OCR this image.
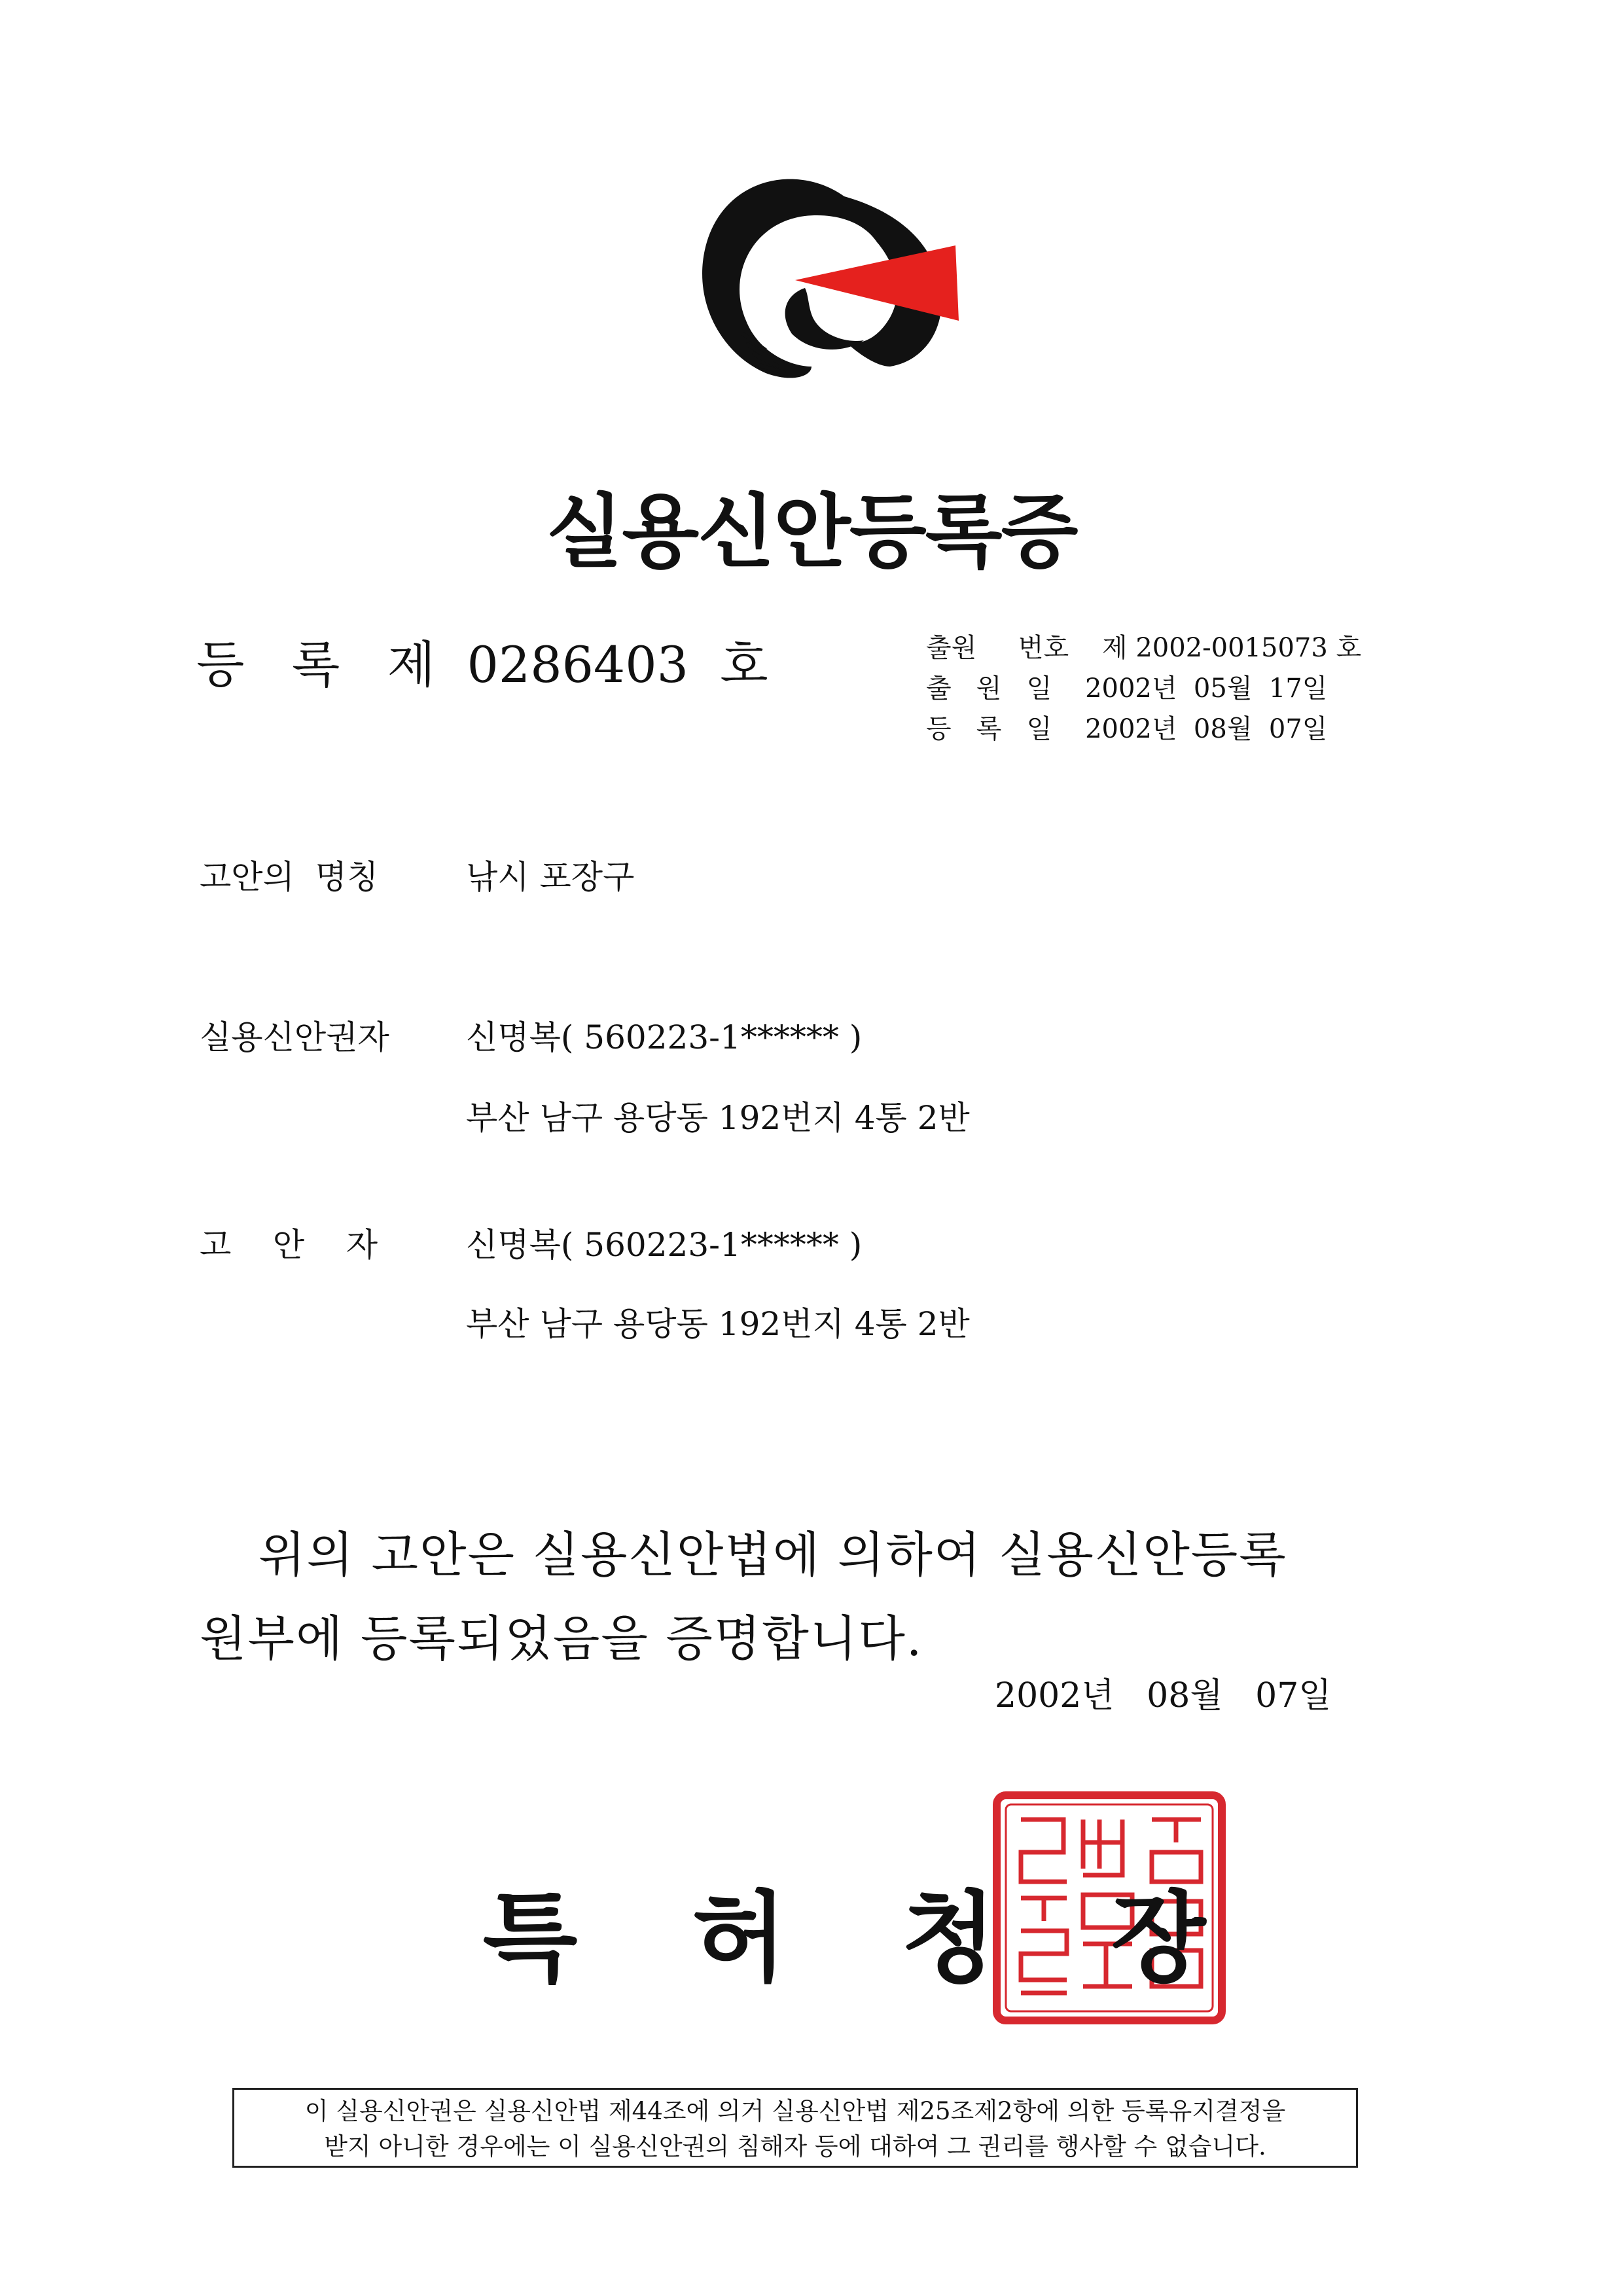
실용신안등록증
등   록   제  0286403  호	출원     번호    제 2002-0015073 호
출   원   일    2002년  05월  17일
등   록   일    2002년  08월  07일
고안의  명칭	낚시 포장구
실용신안권자 신명복( 560223-1****** )
부산 남구 용당동 192번지 4통 2반
고    안    자	신명복( 560223-1****** )
부산 남구 용당동 192번지 4통 2반
위의 고안은 실용신안법에 의하여 실용신안등록
원부에 등록되었음을 증명합니다.
2002년   08월   07일
특 허 청 장
이 실용신안권은 실용신안법 제44조에 의거 실용신안법 제25조제2항에 의한 등록유지결정을
받지 아니한 경우에는 이 실용신안권의 침해자 등에 대하여 그 권리를 행사할 수 없습니다.
